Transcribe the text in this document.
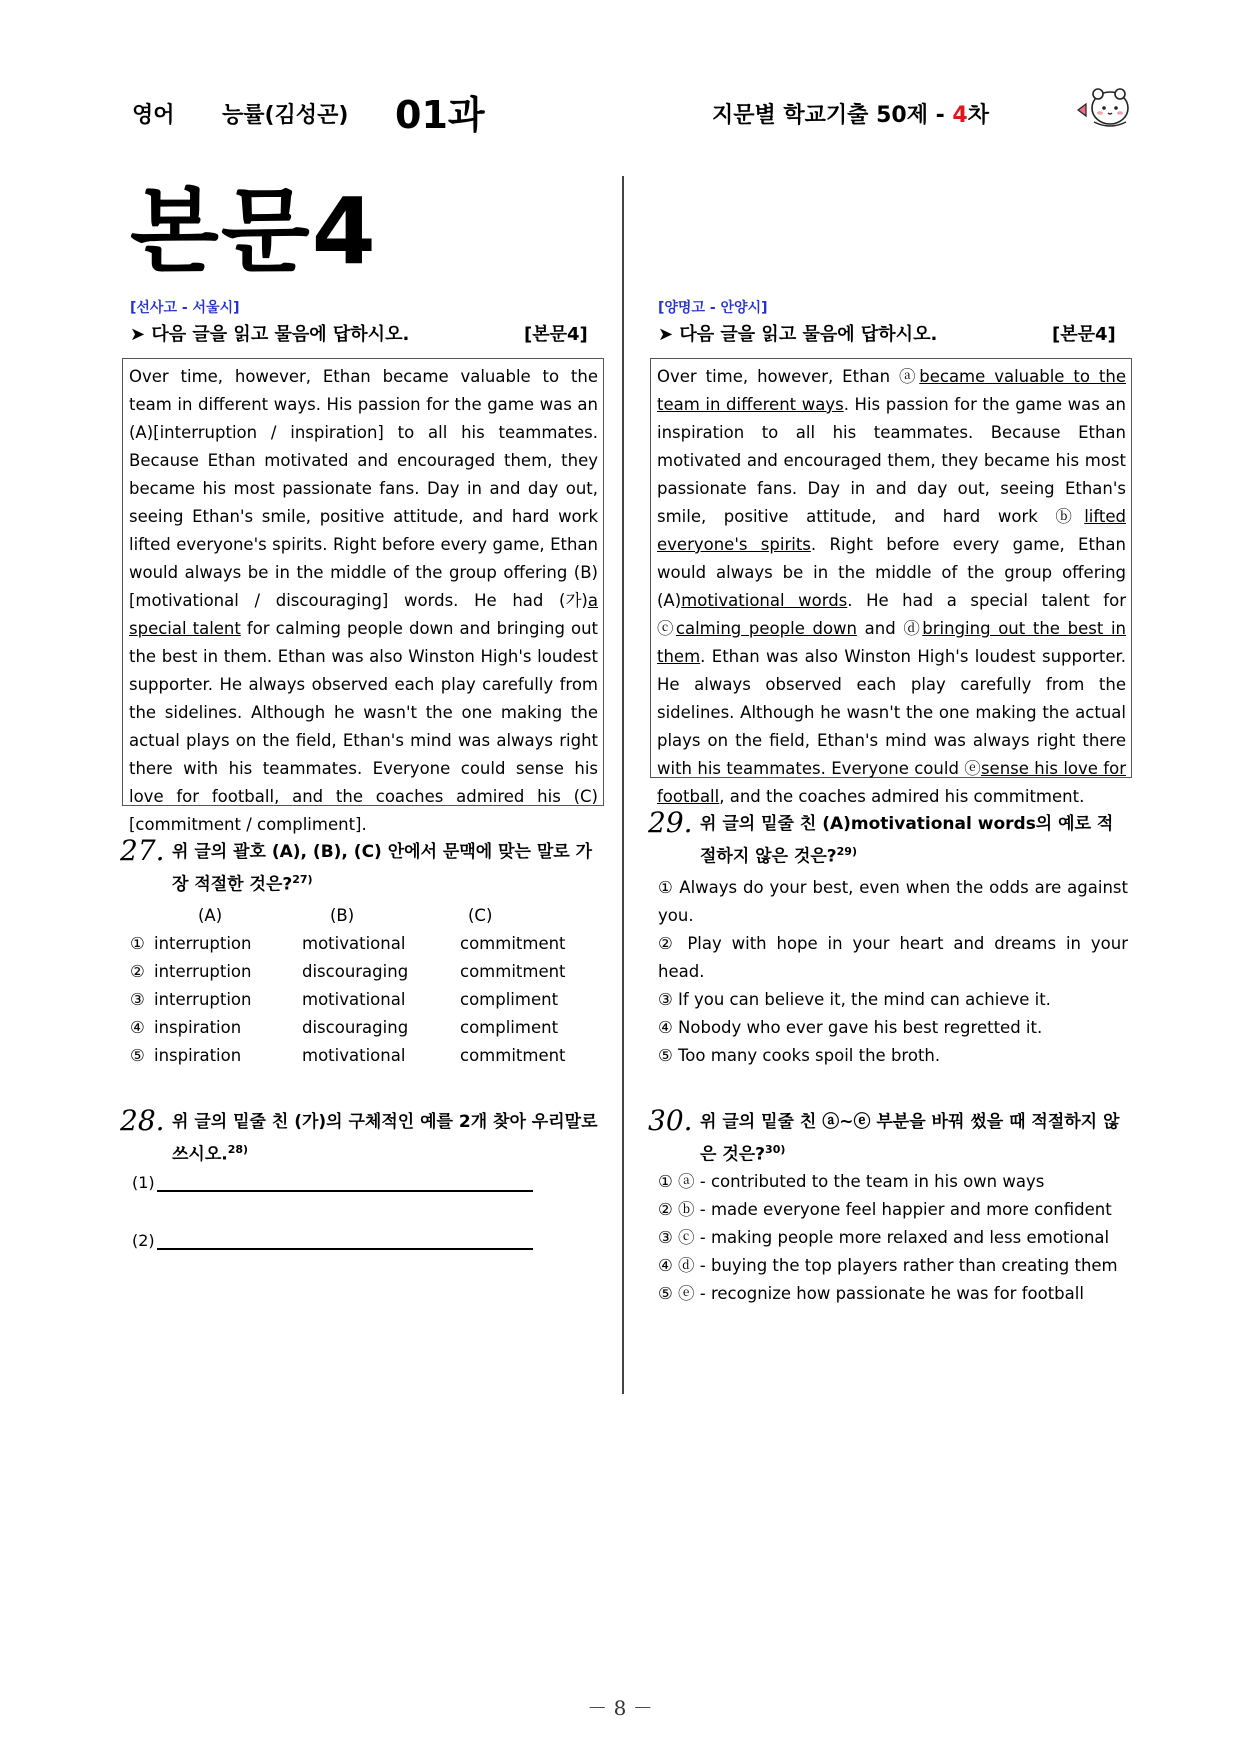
영어 능률(김성곤) 01과	지문별 학교기출 50제 - 4차
본문4
[선사고 - 서울시]
➤ 다음 글을 읽고 물음에 답하시오.	[본문4]
Over time, however, Ethan became valuable to the team in different ways. His passion for the game was an (A)[interruption / inspiration] to all his teammates. Because Ethan motivated and encouraged them, they became his most passionate fans. Day in and day out, seeing Ethan's smile, positive attitude, and hard work lifted everyone's spirits. Right before every game, Ethan would always be in the middle of the group offering (B)[motivational / discouraging] words. He had (가)a special talent for calming people down and bringing out the best in them. Ethan was also Winston High's loudest supporter. He always observed each play carefully from the sidelines. Although he wasn't the one making the actual plays on the field, Ethan's mind was always right there with his teammates. Everyone could sense his love for football, and the coaches admired his (C)[commitment / compliment].
27. 위 글의 괄호 (A), (B), (C) 안에서 문맥에 맞는 말로 가장 적절한 것은?$^{27)}$
(A)	(B)	(C)
① interruption	motivational	commitment
② interruption	discouraging	commitment
③ interruption	motivational	compliment
④ inspiration	discouraging	compliment
⑤ inspiration	motivational	commitment
28. 위 글의 밑줄 친 (가)의 구체적인 예를 2개 찾아 우리말로 쓰시오.$^{28)}$
(1)
(2)
[양명고 - 안양시]
➤ 다음 글을 읽고 물음에 답하시오.	[본문4]
Over time, however, Ethan ⓐbecame valuable to the team in different ways. His passion for the game was an inspiration to all his teammates. Because Ethan motivated and encouraged them, they became his most passionate fans. Day in and day out, seeing Ethan's smile, positive attitude, and hard work ⓑlifted everyone's spirits. Right before every game, Ethan would always be in the middle of the group offering (A)motivational words. He had a special talent for ⓒcalming people down and ⓓbringing out the best in them. Ethan was also Winston High's loudest supporter. He always observed each play carefully from the sidelines. Although he wasn't the one making the actual plays on the field, Ethan's mind was always right there with his teammates. Everyone could ⓔsense his love for football, and the coaches admired his commitment.
29. 위 글의 밑줄 친 (A)motivational words의 예로 적절하지 않은 것은?$^{29)}$
① Always do your best, even when the odds are against you.
② Play with hope in your heart and dreams in your head.
③ If you can believe it, the mind can achieve it.
④ Nobody who ever gave his best regretted it.
⑤ Too many cooks spoil the broth.
30. 위 글의 밑줄 친 ⓐ~ⓔ 부분을 바꿔 썼을 때 적절하지 않은 것은?$^{30)}$
① ⓐ - contributed to the team in his own ways
② ⓑ - made everyone feel happier and more confident
③ ⓒ - making people more relaxed and less emotional
④ ⓓ - buying the top players rather than creating them
⑤ ⓔ - recognize how passionate he was for football
－ 8 －
